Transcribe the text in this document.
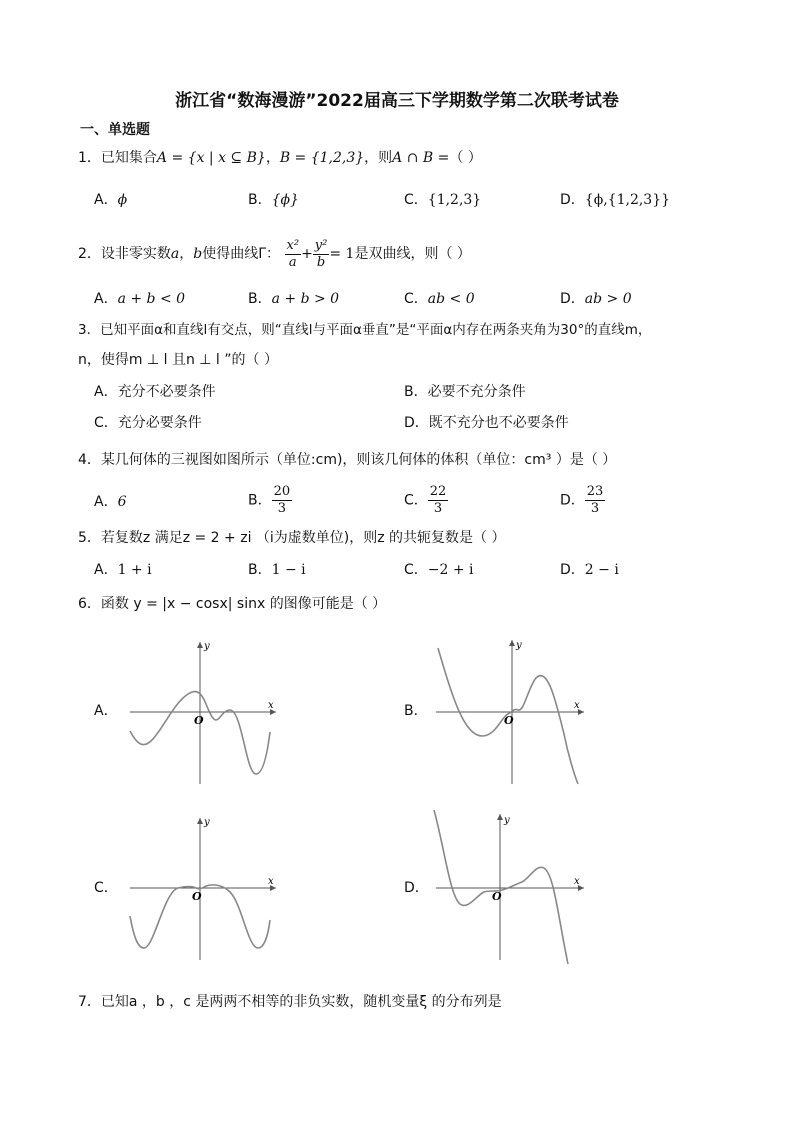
浙江省“数海漫游”2022届高三下学期数学第二次联考试卷
一、单选题
1．已知集合A = {x | x ⊆ B}，B = {1,2,3}，则A ∩ B =（ ）
A．ϕ	B．{ϕ}	C．{1,2,3}	D．{ϕ,{1,2,3}}
2．设非零实数a，b使得曲线Γ： $\frac{\text{x²}}{a} + \frac{\text{y²}}{b} = 1$是双曲线，则（ ）
A．a + b < 0	B．a + b > 0	C．ab < 0	D．ab > 0
3．已知平面α和直线l有交点，则“直线l与平面α垂直”是“平面α内存在两条夹角为30°的直线m，
n，使得m ⊥ l 且n ⊥ l ”的（ ）
A．充分不必要条件	B．必要不充分条件
C．充分必要条件	D．既不充分也不必要条件
4．某几何体的三视图如图所示（单位:cm)，则该几何体的体积（单位：cm³ ）是（ ）
A．6	B． $\frac{20}{3}$	C． $\frac{22}{3}$	D． $\frac{23}{3}$
5．若复数z 满足z = 2 + zi （i为虚数单位)，则z 的共轭复数是（ ）
A．1 + i	B．1 − i	C．−2 + i	D．2 − i
6．函数 y = |x − cosx| sinx 的图像可能是（ ）
A．	x
y
O
B．	x
y
O
C．	x
y
O
D．	x
y
O
7．已知a ，b ，c 是两两不相等的非负实数，随机变量ξ 的分布列是
